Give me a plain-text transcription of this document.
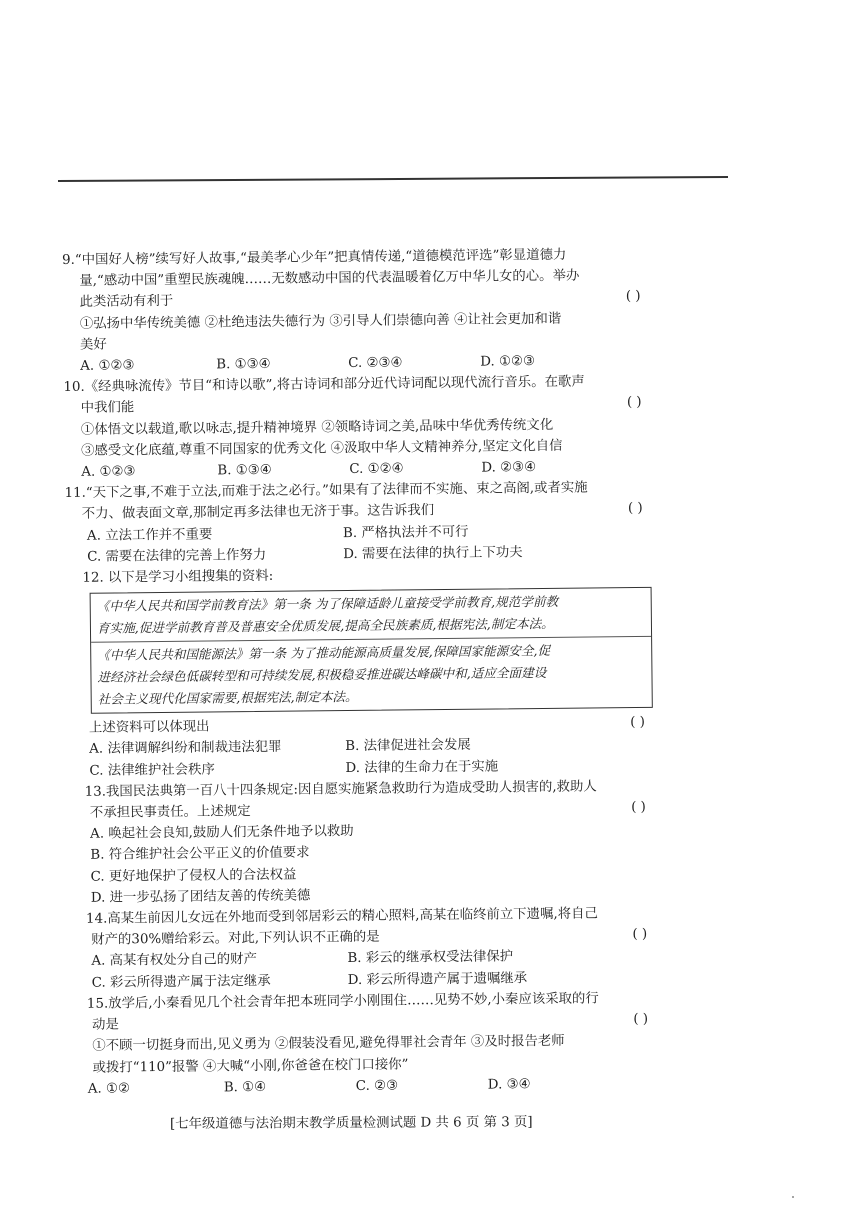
9.“中国好人榜”续写好人故事,“最美孝心少年”把真情传递,“道德模范评选”彰显道德力
量,“感动中国”重塑民族魂魄……无数感动中国的代表温暖着亿万中华儿女的心。举办
此类活动有利于	( )
①弘扬中华传统美德 ②杜绝违法失德行为 ③引导人们崇德向善 ④让社会更加和谐
美好
A. ①②③	B. ①③④	C. ②③④	D. ①②③
10.《经典咏流传》节目“和诗以歌”,将古诗词和部分近代诗词配以现代流行音乐。在歌声
中我们能	( )
①体悟文以载道,歌以咏志,提升精神境界 ②领略诗词之美,品味中华优秀传统文化
③感受文化底蕴,尊重不同国家的优秀文化 ④汲取中华人文精神养分,坚定文化自信
A. ①②③	B. ①③④	C. ①②④	D. ②③④
11.“天下之事,不难于立法,而难于法之必行。”如果有了法律而不实施、束之高阁,或者实施
不力、做表面文章,那制定再多法律也无济于事。这告诉我们	( )
A. 立法工作并不重要	B. 严格执法并不可行
C. 需要在法律的完善上作努力	D. 需要在法律的执行上下功夫
12. 以下是学习小组搜集的资料:
《中华人民共和国学前教育法》第一条 为了保障适龄儿童接受学前教育,规范学前教
育实施,促进学前教育普及普惠安全优质发展,提高全民族素质,根据宪法,制定本法。
《中华人民共和国能源法》第一条 为了推动能源高质量发展,保障国家能源安全,促
进经济社会绿色低碳转型和可持续发展,积极稳妥推进碳达峰碳中和,适应全面建设
社会主义现代化国家需要,根据宪法,制定本法。
上述资料可以体现出	( )
A. 法律调解纠纷和制裁违法犯罪	B. 法律促进社会发展
C. 法律维护社会秩序	D. 法律的生命力在于实施
13.我国民法典第一百八十四条规定:因自愿实施紧急救助行为造成受助人损害的,救助人
不承担民事责任。上述规定	( )
A. 唤起社会良知,鼓励人们无条件地予以救助
B. 符合维护社会公平正义的价值要求
C. 更好地保护了侵权人的合法权益
D. 进一步弘扬了团结友善的传统美德
14.高某生前因儿女远在外地而受到邻居彩云的精心照料,高某在临终前立下遗嘱,将自己
财产的30%赠给彩云。对此,下列认识不正确的是	( )
A. 高某有权处分自己的财产	B. 彩云的继承权受法律保护
C. 彩云所得遗产属于法定继承	D. 彩云所得遗产属于遗嘱继承
15.放学后,小秦看见几个社会青年把本班同学小刚围住……见势不妙,小秦应该采取的行
动是	( )
①不顾一切挺身而出,见义勇为 ②假装没看见,避免得罪社会青年 ③及时报告老师
或拨打“110”报警 ④大喊“小刚,你爸爸在校门口接你”
A. ①②	B. ①④	C. ②③	D. ③④
[七年级道德与法治期末教学质量检测试题 D 共 6 页 第 3 页]
